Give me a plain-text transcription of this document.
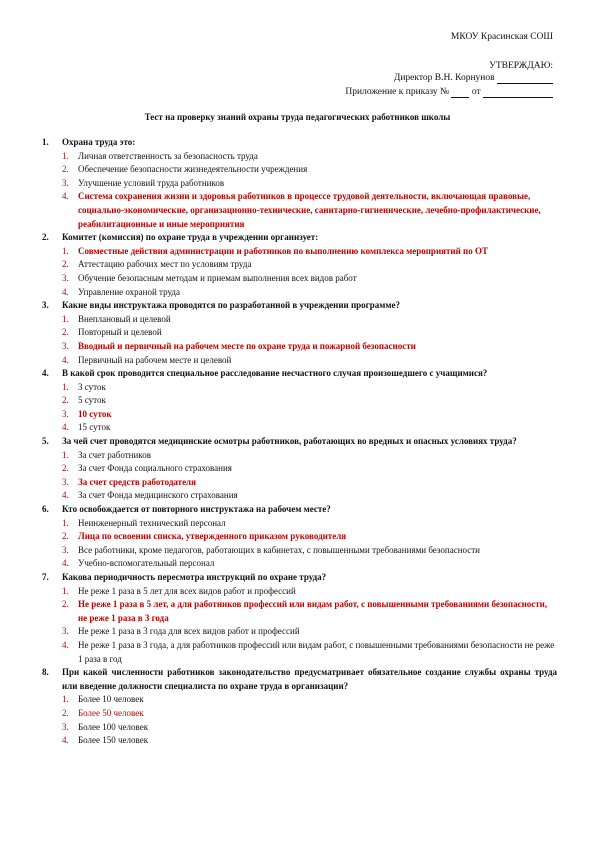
МКОУ Красинская СОШ
УТВЕРЖДАЮ:
Директор В.Н. Корнунов
Приложение к приказу № от
Тест на проверку знаний охраны труда педагогических работников школы
1.	Охрана труда это:
1. Личная ответственность за безопасность труда
2. Обеспечение безопасности жизнедеятельности учреждения
3. Улучшение условий труда работников
4. Система сохранения жизни и здоровья работников в процессе трудовой деятельности, включающая правовые, социально-экономические, организационно-технические, санитарно-гигиенические, лечебно-профилактические, реабилитационные и иные мероприятия
2.	Комитет (комиссия) по охране труда в учреждении организует:
1. Совместные действия администрации и работников по выполнению комплекса мероприятий по ОТ
2. Аттестацию рабочих мест по условиям труда
3. Обучение безопасным методам и приемам выполнения всех видов работ
4. Управление охраной труда
3.	Какие виды инструктажа проводятся по разработанной в учреждении программе?
1. Внеплановый и целевой
2. Повторный и целевой
3. Вводный и первичный на рабочем месте по охране труда и пожарной безопасности
4. Первичный на рабочем месте и целевой
4.	В какой срок проводится специальное расследование несчастного случая произошедшего с учащимися?
1. 3 суток
2. 5 суток
3. 10 суток
4. 15 суток
5.	За чей счет проводятся медицинские осмотры работников, работающих во вредных и опасных условиях труда?
1. За счет работников
2. За счет Фонда социального страхования
3. За счет средств работодателя
4. За счет Фонда медицинского страхования
6.	Кто освобождается от повторного инструктажа на рабочем месте?
1. Неинженерный технический персонал
2. Лица по освоении списка, утвержденного приказом руководителя
3. Все работники, кроме педагогов, работающих в кабинетах, с повышенными требованиями безопасности
4. Учебно-вспомогательный персонал
7.	Какова периодичность пересмотра инструкций по охране труда?
1. Не реже 1 раза в 5 лет для всех видов работ и профессий
2. Не реже 1 раза в 5 лет, а для работников профессий или видам работ, с повышенными требованиями безопасности, не реже 1 раза в 3 года
3. Не реже 1 раза в 3 года для всех видов работ и профессий
4. Не реже 1 раза в 3 года, а для работников профессий или видам работ, с повышенными требованиями безопасности не реже 1 раза в год
8.	При какой численности работников законодательство предусматривает обязательное создание службы охраны труда или введение должности специалиста по охране труда в организации?
1. Более 10 человек
2. Более 50 человек
3. Более 100 человек
4. Более 150 человек
